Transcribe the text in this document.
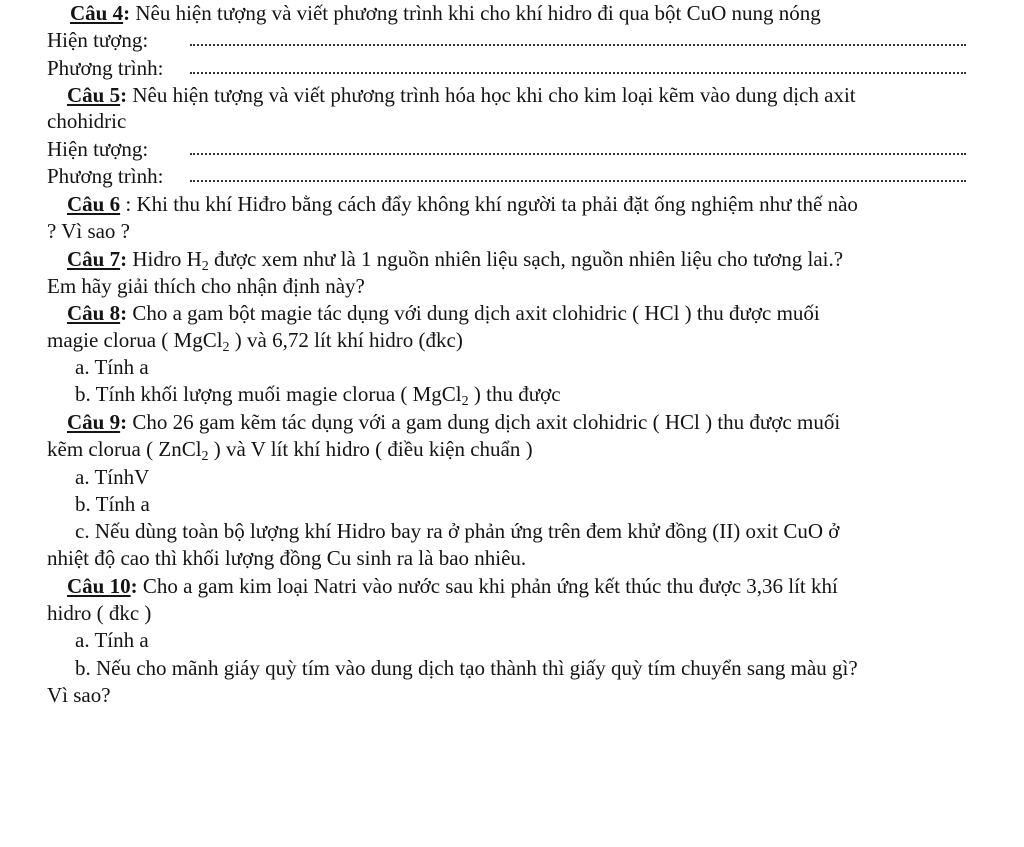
Câu 4: Nêu hiện tượng và viết phương trình khi cho khí hidro đi qua bột CuO nung nóng
Hiện tượng:
Phương trình:
Câu 5: Nêu hiện tượng và viết phương trình hóa học khi cho kim loại kẽm vào dung dịch axit
chohidric
Hiện tượng:
Phương trình:
Câu 6 : Khi thu khí Hiđro bằng cách đẩy không khí người ta phải đặt ống nghiệm như thế nào
? Vì sao ?
Câu 7: Hidro $H_2$ được xem như là 1 nguồn nhiên liệu sạch, nguồn nhiên liệu cho tương lai.?
Em hãy giải thích cho nhận định này?
Câu 8: Cho a gam bột magie tác dụng với dung dịch axit clohidric ( HCl ) thu được muối
magie clorua ( MgCl$_2$ ) và 6,72 lít khí hidro (đkc)
a. Tính a
b. Tính khối lượng muối magie clorua ( MgCl$_2$ ) thu được
Câu 9: Cho 26 gam kẽm tác dụng với a gam dung dịch axit clohidric ( HCl ) thu được muối
kẽm clorua ( ZnCl$_2$ ) và V lít khí hidro ( điều kiện chuẩn )
a. TínhV
b. Tính a
c. Nếu dùng toàn bộ lượng khí Hidro bay ra ở phản ứng trên đem khử đồng (II) oxit CuO ở
nhiệt độ cao thì khối lượng đồng Cu sinh ra là bao nhiêu.
Câu 10: Cho a gam kim loại Natri vào nước sau khi phản ứng kết thúc thu được 3,36 lít khí
hidro ( đkc )
a. Tính a
b. Nếu cho mãnh giáy quỳ tím vào dung dịch tạo thành thì giấy quỳ tím chuyển sang màu gì?
Vì sao?
